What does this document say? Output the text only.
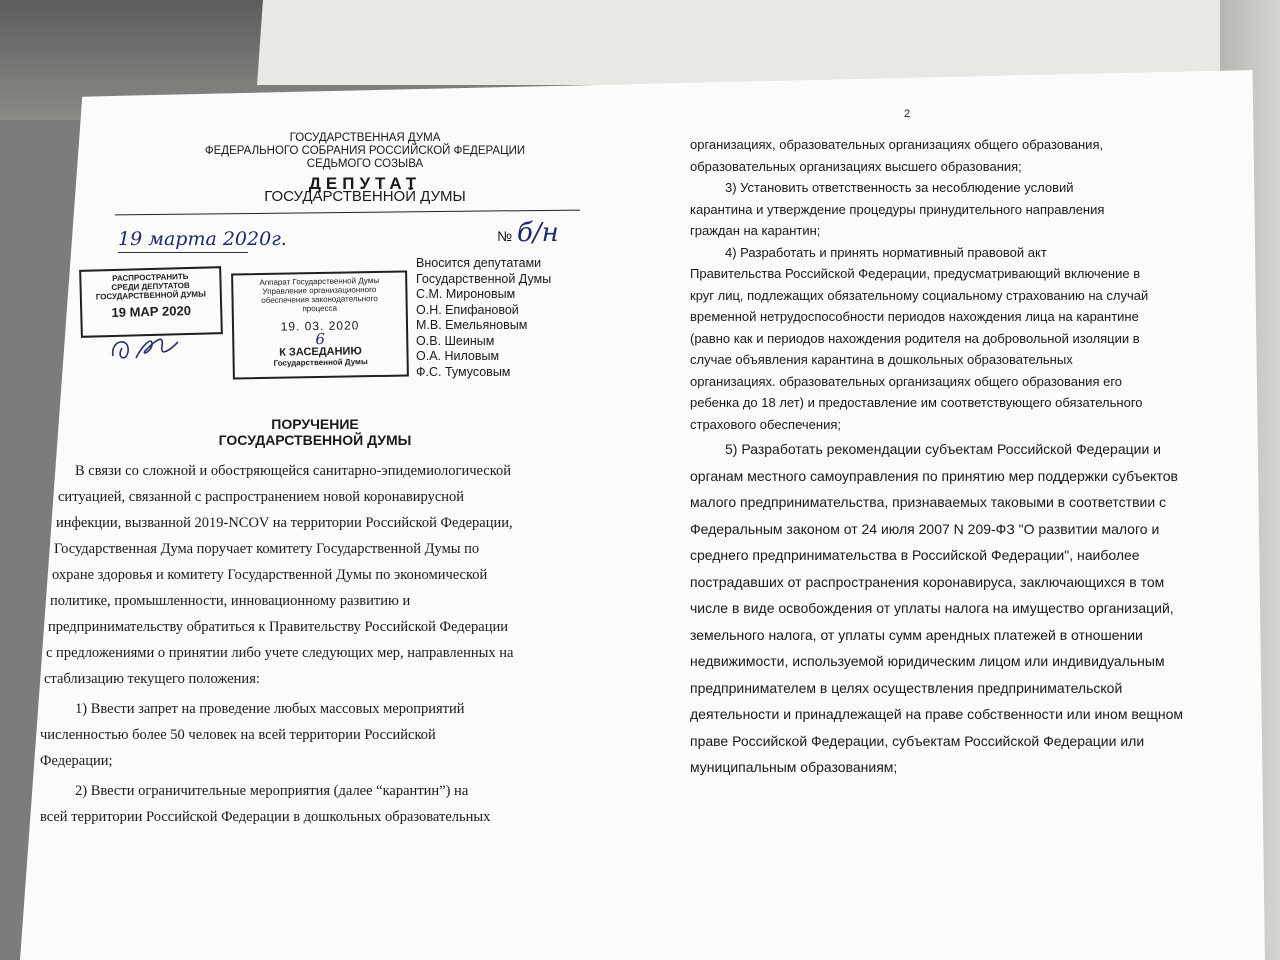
ГОСУДАРСТВЕННАЯ ДУМА
ФЕДЕРАЛЬНОГО СОБРАНИЯ РОССИЙСКОЙ ФЕДЕРАЦИИ
СЕДЬМОГО СОЗЫВА
ДЕПУТАТ
ГОСУДАРСТВЕННОЙ ДУМЫ
19 марта 2020г.	№ б/н
РАСПРОСТРАНИТЬ
СРЕДИ ДЕПУТАТОВ
ГОСУДАРСТВЕННОЙ ДУМЫ
19 МАР 2020
Аппарат Государственной Думы
Управление организационного
обеспечения законодательного
процесса
19. 03. 2020
6
К ЗАСЕДАНИЮ
Государственной Думы
Вносится депутатами
Государственной Думы
С.М. Мироновым
О.Н. Епифановой
М.В. Емельяновым
О.В. Шеиным
О.А. Ниловым
Ф.С. Тумусовым
ПОРУЧЕНИЕ
ГОСУДАРСТВЕННОЙ ДУМЫ

В связи со сложной и обостряющейся санитарно-эпидемиологической

ситуацией, связанной с распространением новой коронавирусной

инфекции, вызванной 2019-NCOV на территории Российской Федерации,

Государственная Дума поручает комитету Государственной Думы по

охране здоровья и комитету Государственной Думы по экономической

политике, промышленности, инновационному развитию и

предпринимательству обратиться к Правительству Российской Федерации

с предложениями о принятии либо учете следующих мер, направленных на

стаблизацию текущего положения:

1) Ввести запрет на проведение любых массовых мероприятий

численностью более 50 человек на всей территории Российской

Федерации;

2) Ввести ограничительные мероприятия (далее “карантин”) на

всей территории Российской Федерации в дошкольных образовательных

2

организациях, образовательных организациях общего образования,

образовательных организациях высшего образования;

3) Установить ответственность за несоблюдение условий

карантина и утверждение процедуры принудительного направления

граждан на карантин;

4) Разработать и принять нормативный правовой акт

Правительства Российской Федерации, предусматривающий включение в

круг лиц, подлежащих обязательному социальному страхованию на случай

временной нетрудоспособности периодов нахождения лица на карантине

(равно как и периодов нахождения родителя на добровольной изоляции в

случае объявления карантина в дошкольных образовательных

организациях. образовательных организациях общего образования его

ребенка до 18 лет) и предоставление им соответствующего обязательного

страхового обеспечения;

5) Разработать рекомендации субъектам Российской Федерации и

органам местного самоуправления по принятию мер поддержки субъектов

малого предпринимательства, признаваемых таковыми в соответствии с

Федеральным законом от 24 июля 2007 N 209-ФЗ "О развитии малого и

среднего предпринимательства в Российской Федерации", наиболее

пострадавших от распространения коронавируса, заключающихся в том

числе в виде освобождения от уплаты налога на имущество организаций,

земельного налога, от уплаты сумм арендных платежей в отношении

недвижимости, используемой юридическим лицом или индивидуальным

предпринимателем в целях осуществления предпринимательской

деятельности и принадлежащей на праве собственности или ином вещном

праве Российской Федерации, субъектам Российской Федерации или

муниципальным образованиям;
